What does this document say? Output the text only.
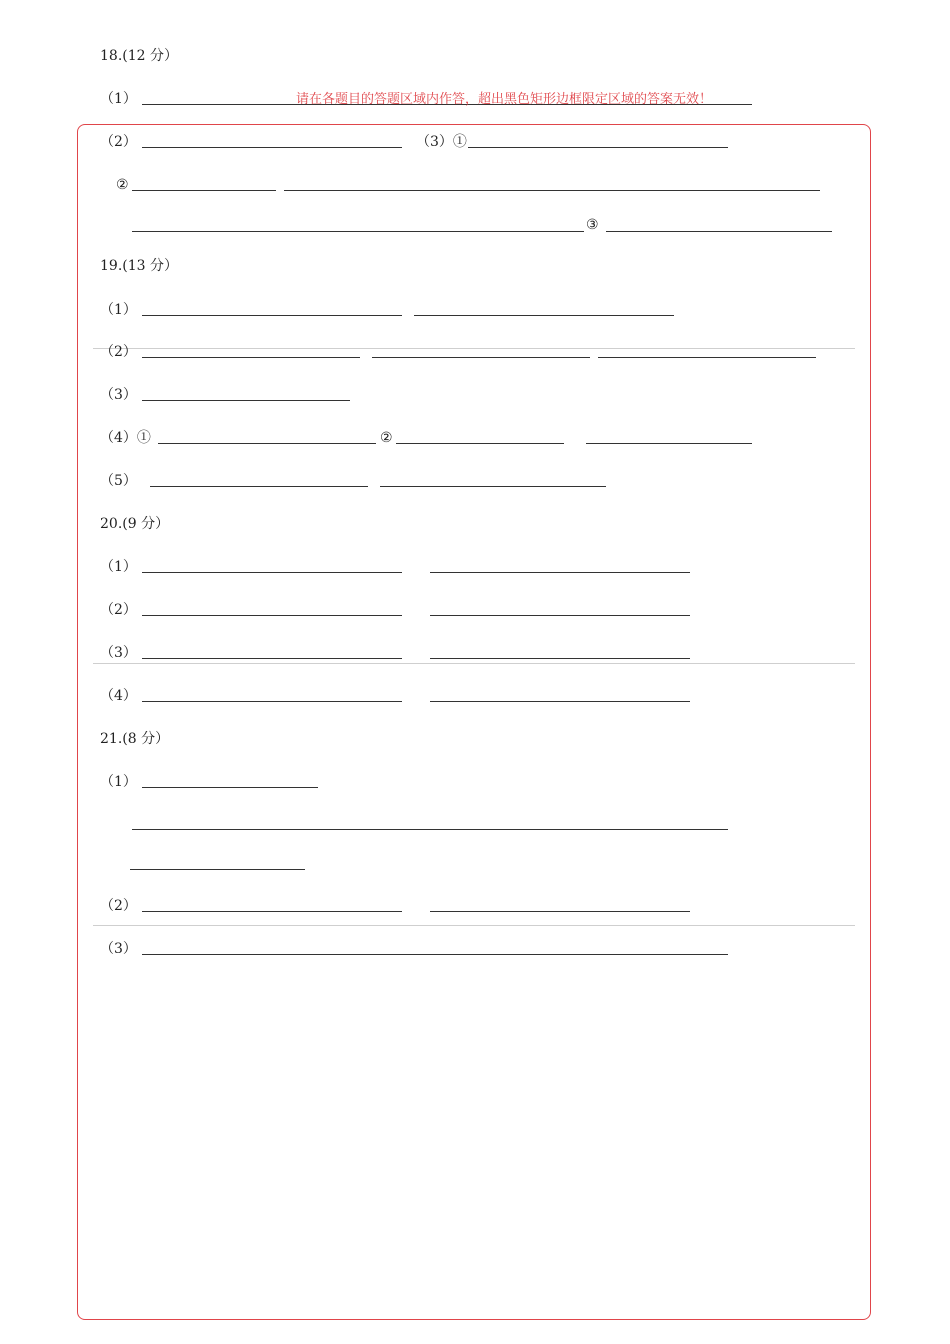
18.(12 分）
（1）	请在各题目的答题区域内作答，超出黑色矩形边框限定区域的答案无效！
（2）	（3）①
②
③
19.(13 分）
（1）
（2）
（3）
（4）①	②
（5）
20.(9 分）
（1）
（2）
（3）
（4）
21.(8 分）
（1）
（2）
（3）
